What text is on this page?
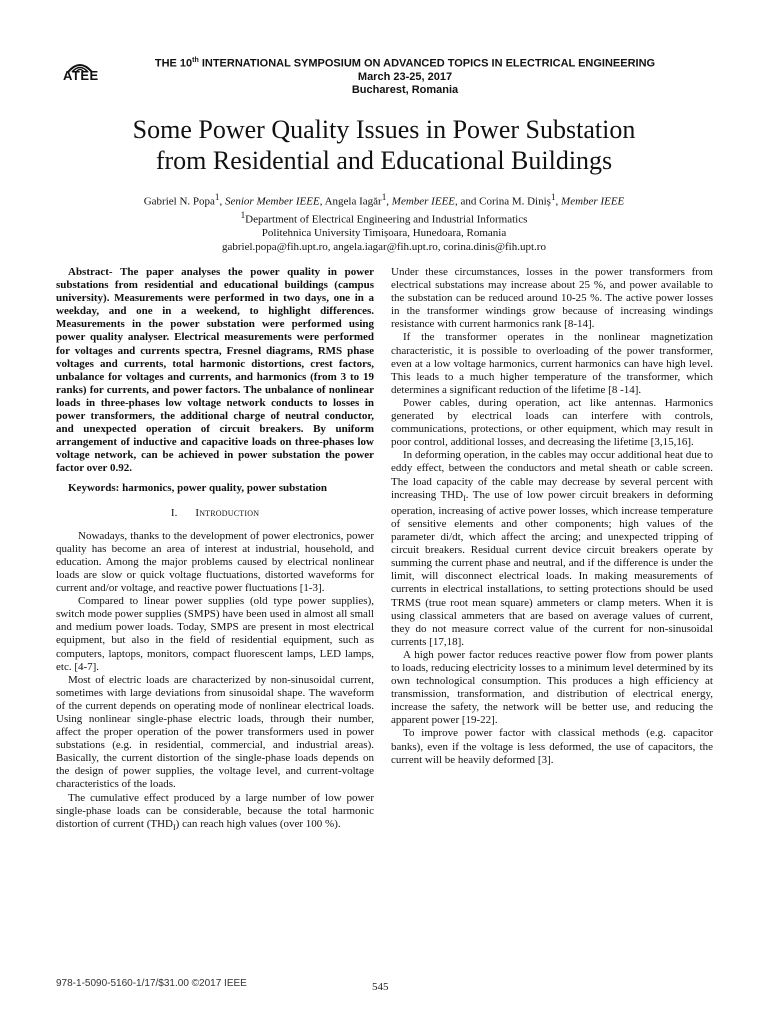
ATEE
THE 10th INTERNATIONAL SYMPOSIUM ON ADVANCED TOPICS IN ELECTRICAL ENGINEERING
March 23-25, 2017
Bucharest, Romania
Some Power Quality Issues in Power Substation
from Residential and Educational Buildings
Gabriel N. Popa$^1$, Senior Member IEEE, Angela Iagăr$^1$, Member IEEE, and Corina M. Diniș$^1$, Member IEEE
$^1$Department of Electrical Engineering and Industrial Informatics
Politehnica University Timișoara, Hunedoara, Romania
gabriel.popa@fih.upt.ro, angela.iagar@fih.upt.ro, corina.dinis@fih.upt.ro

Abstract- The paper analyses the power quality in power substations from residential and educational buildings (campus university). Measurements were performed in two days, one in a weekday, and one in a weekend, to highlight differences. Measurements in the power substation were performed using power quality analyser. Electrical measurements were performed for voltages and currents spectra, Fresnel diagrams, RMS phase voltages and currents, total harmonic distortions, crest factors, unbalance for voltages and currents, and harmonics (from 3 to 19 ranks) for currents, and power factors. The unbalance of nonlinear loads in three-phases low voltage network conducts to losses in power transformers, the additional charge of neutral conductor, and unexpected operation of circuit breakers. By uniform arrangement of inductive and capacitive loads on three-phases low voltage network, can be achieved in power substation the power factor over 0.92.

Keywords: harmonics, power quality, power substation

I. Introduction

Nowadays, thanks to the development of power electronics, power quality has become an area of interest at industrial, household, and education. Among the major problems caused by electrical nonlinear loads are slow or quick voltage fluctuations, distorted waveforms for current and/or voltage, and reactive power fluctuations [1-3].

Compared to linear power supplies (old type power supplies), switch mode power supplies (SMPS) have been used in almost all small and medium power loads. Today, SMPS are present in most electrical equipment, but also in the field of residential equipment, such as computers, laptops, monitors, compact fluorescent lamps, LED lamps, etc. [4-7].

Most of electric loads are characterized by non-sinusoidal current, sometimes with large deviations from sinusoidal shape. The waveform of the current depends on operating mode of nonlinear electrical loads. Using nonlinear single-phase electric loads, through their number, affect the proper operation of the power transformers used in power substations (e.g. in residential, commercial, and industrial areas). Basically, the current distortion of the single-phase loads depends on the design of power supplies, the voltage level, and current-voltage characteristics of the loads.

The cumulative effect produced by a large number of low power single-phase loads can be considerable, because the total harmonic distortion of current $(THD_I)$ can reach high values (over 100 %).

Under these circumstances, losses in the power transformers from electrical substations may increase about 25 %, and power available to the substation can be reduced around 10-25 %. The active power losses in the transformer windings grow because of increasing windings resistance with current harmonics rank [8-14].

If the transformer operates in the nonlinear magnetization characteristic, it is possible to overloading of the power transformer, even at a low voltage harmonics, current harmonics can have high level. This leads to a much higher temperature of the transformer, which determines a significant reduction of the lifetime [8 -14].

Power cables, during operation, act like antennas. Harmonics generated by electrical loads can interfere with controls, communications, protections, or other equipment, which may result in poor control, additional losses, and decreasing the lifetime [3,15,16].

In deforming operation, in the cables may occur additional heat due to eddy effect, between the conductors and metal sheath or cable screen. The load capacity of the cable may decrease by several percent with increasing $THD_I$. The use of low power circuit breakers in deforming operation, increasing of active power losses, which increase temperature of sensitive elements and other components; high values of the parameter di/dt, which affect the arcing; and unexpected tripping of circuit breakers. Residual current device circuit breakers operate by summing the current phase and neutral, and if the difference is under the limit, will disconnect electrical loads. In making measurements of currents in electrical installations, to setting protections should be used TRMS (true root mean square) ammeters or clamp meters. When it is using classical ammeters that are based on average values of current, they do not measure correct value of the current for non-sinusoidal currents [17,18].

A high power factor reduces reactive power flow from power plants to loads, reducing electricity losses to a minimum level determined by its own technological consumption. This produces a high efficiency at transmission, transformation, and distribution of electrical energy, increase the safety, the network will be better use, and reducing the apparent power [19-22].

To improve power factor with classical methods (e.g. capacitor banks), even if the voltage is less deformed, the use of capacitors, the current will be heavily deformed [3].

978-1-5090-5160-1/17/$31.00 ©2017 IEEE	545
